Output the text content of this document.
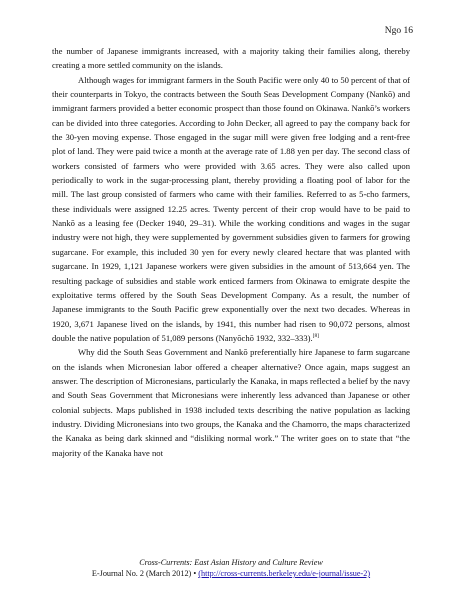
Ngo 16

the number of Japanese immigrants increased, with a majority taking their families along, thereby creating a more settled community on the islands.

Although wages for immigrant farmers in the South Pacific were only 40 to 50 percent of that of their counterparts in Tokyo, the contracts between the South Seas Development Company (Nankō) and immigrant farmers provided a better economic prospect than those found on Okinawa. Nankō’s workers can be divided into three categories. According to John Decker, all agreed to pay the company back for the 30-yen moving expense. Those engaged in the sugar mill were given free lodging and a rent-free plot of land. They were paid twice a month at the average rate of 1.88 yen per day. The second class of workers consisted of farmers who were provided with 3.65 acres. They were also called upon periodically to work in the sugar-processing plant, thereby providing a floating pool of labor for the mill. The last group consisted of farmers who came with their families. Referred to as 5-cho farmers, these individuals were assigned 12.25 acres. Twenty percent of their crop would have to be paid to Nankō as a leasing fee (Decker 1940, 29–31). While the working conditions and wages in the sugar industry were not high, they were supplemented by government subsidies given to farmers for growing sugarcane. For example, this included 30 yen for every newly cleared hectare that was planted with sugarcane. In 1929, 1,121 Japanese workers were given subsidies in the amount of 513,664 yen. The resulting package of subsidies and stable work enticed farmers from Okinawa to emigrate despite the exploitative terms offered by the South Seas Development Company. As a result, the number of Japanese immigrants to the South Pacific grew exponentially over the next two decades. Whereas in 1920, 3,671 Japanese lived on the islands, by 1941, this number had risen to 90,072 persons, almost double the native population of 51,089 persons (Nanyōchō 1932, 332–333).[8]

Why did the South Seas Government and Nankō preferentially hire Japanese to farm sugarcane on the islands when Micronesian labor offered a cheaper alternative? Once again, maps suggest an answer. The description of Micronesians, particularly the Kanaka, in maps reflected a belief by the navy and South Seas Government that Micronesians were inherently less advanced than Japanese or other colonial subjects. Maps published in 1938 included texts describing the native population as lacking industry. Dividing Micronesians into two groups, the Kanaka and the Chamorro, the maps characterized the Kanaka as being dark skinned and “disliking normal work.” The writer goes on to state that “the majority of the Kanaka have not

Cross-Currents: East Asian History and Culture Review
E-Journal No. 2 (March 2012) • (http://cross-currents.berkeley.edu/e-journal/issue-2)
